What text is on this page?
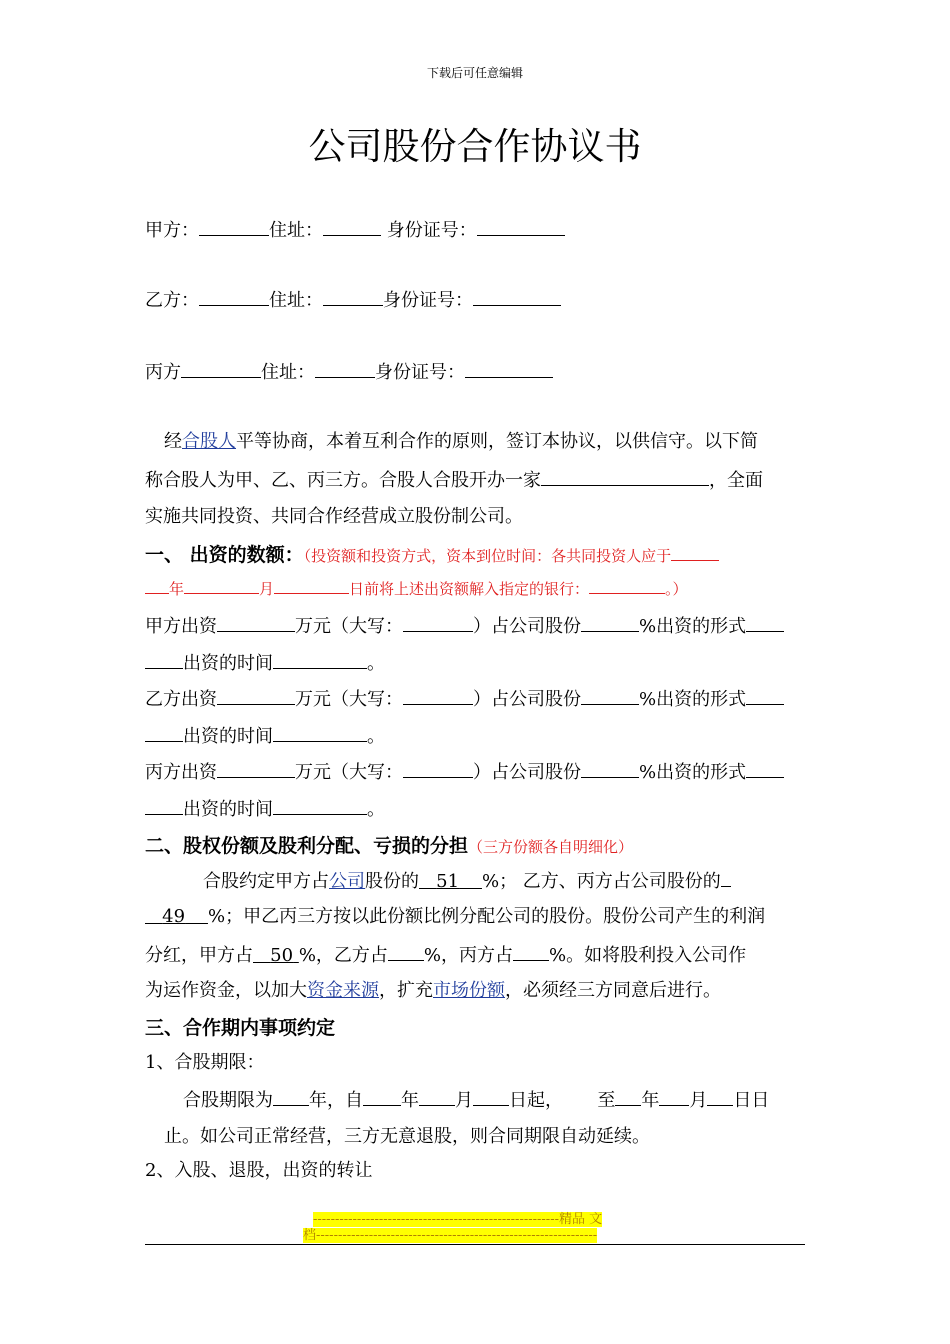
下载后可任意编辑
公司股份合作协议书
甲方：	住址：	身份证号：
乙方：	住址：	身份证号：
丙方	住址：	身份证号：
经合股人平等协商，本着互利合作的原则，签订本协议，以供信守。以下简
称合股人为甲、乙、丙三方。合股人合股开办一家	，全面
实施共同投资、共同合作经营成立股份制公司。
一、 出资的数额：（投资额和投资方式，资本到位时间：各共同投资人应于
年	月	日前将上述出资额解入指定的银行：	。）
甲方出资	万元（大写：	）占公司股份	%出资的形式
出资的时间	。
乙方出资	万元（大写：	）占公司股份	%出资的形式
出资的时间	。
丙方出资	万元（大写：	）占公司股份	%出资的形式
出资的时间	。
二、股权份额及股利分配、亏损的分担（三方份额各自明细化）
合股约定甲方占公司股份的 51 %； 乙方、丙方占公司股份的
49 %；甲乙丙三方按以此份额比例分配公司的股份。股份公司产生的利润
分红，甲方占 50 %，乙方占 %，丙方占 %。如将股利投入公司作
为运作资金，以加大资金来源，扩充市场份额，必须经三方同意后进行。
三、合作期内事项约定
1、合股期限：
合股期限为 年，自 年 月 日起， 至 年 月 日日
止。如公司正常经营，三方无意退股，则合同期限自动延续。
2、入股、退股，出资的转让
--------------------------------------------------------精品 文
档----------------------------------------------------------------
